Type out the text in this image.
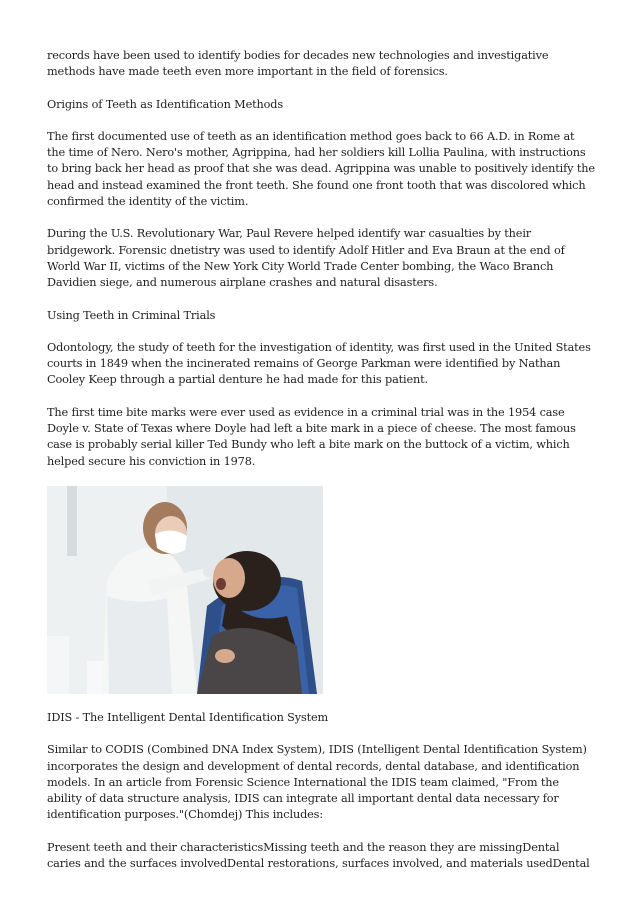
records have been used to identify bodies for decades new technologies and investigative methods have made teeth even more important in the field of forensics.

Origins of Teeth as Identification Methods

The first documented use of teeth as an identification method goes back to 66 A.D. in Rome at the time of Nero. Nero's mother, Agrippina, had her soldiers kill Lollia Paulina, with instructions to bring back her head as proof that she was dead. Agrippina was unable to positively identify the head and instead examined the front teeth. She found one front tooth that was discolored which confirmed the identity of the victim.

During the U.S. Revolutionary War, Paul Revere helped identify war casualties by their bridgework. Forensic dnetistry was used to identify Adolf Hitler and Eva Braun at the end of World War II, victims of the New York City World Trade Center bombing, the Waco Branch Davidien siege, and numerous airplane crashes and natural disasters.

Using Teeth in Criminal Trials

Odontology, the study of teeth for the investigation of identity, was first used in the United States courts in 1849 when the incinerated remains of George Parkman were identified by Nathan Cooley Keep through a partial denture he had made for this patient.

The first time bite marks were ever used as evidence in a criminal trial was in the 1954 case Doyle v. State of Texas where Doyle had left a bite mark in a piece of cheese. The most famous case is probably serial killer Ted Bundy who left a bite mark on the buttock of a victim, which helped secure his conviction in 1978.

IDIS - The Intelligent Dental Identification System

Similar to CODIS (Combined DNA Index System), IDIS (Intelligent Dental Identification System) incorporates the design and development of dental records, dental database, and identification models. In an article from Forensic Science International the IDIS team claimed, "From the ability of data structure analysis, IDIS can integrate all important dental data necessary for identification purposes."(Chomdej) This includes:

Present teeth and their characteristicsMissing teeth and the reason they are missingDental caries and the surfaces involvedDental restorations, surfaces involved, and materials usedDental
